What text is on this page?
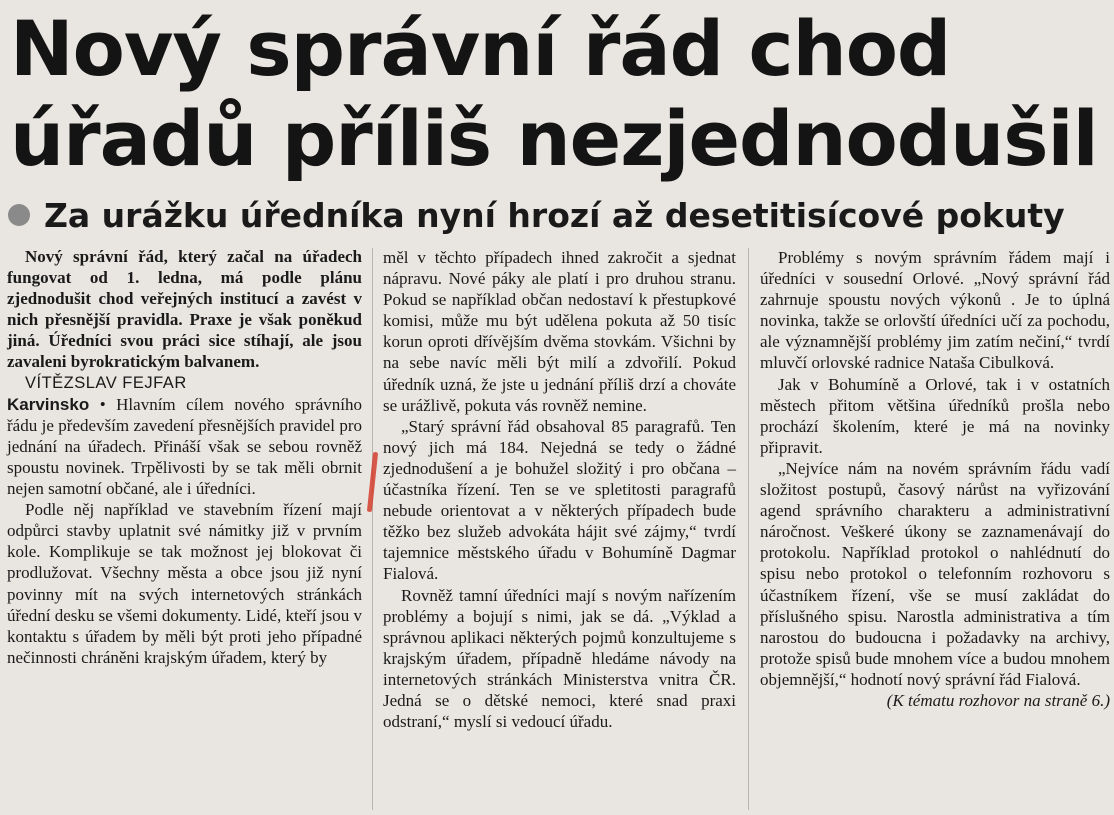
Nový správní řád chod
úřadů příliš nezjednodušil
Za urážku úředníka nyní hrozí až desetitisícové pokuty

Nový správní řád, který začal na úřadech fungovat od 1. ledna, má podle plánu zjednodušit chod veřejných institucí a zavést v nich přesnější pravidla. Praxe je však poněkud jiná. Úředníci svou práci sice stíhají, ale jsou zavaleni byrokratickým balvanem.

VÍTĚZSLAV FEJFAR

Karvinsko • Hlavním cílem nového správního řádu je především zavedení přesnějších pravidel pro jednání na úřadech. Přináší však se sebou rovněž spoustu novinek. Trpělivosti by se tak měli obrnit nejen samotní občané, ale i úředníci.

Podle něj například ve stavebním řízení mají odpůrci stavby uplatnit své námitky již v prvním kole. Komplikuje se tak možnost jej blokovat či prodlužovat. Všechny města a obce jsou již nyní povinny mít na svých internetových stránkách úřední desku se všemi dokumenty. Lidé, kteří jsou v kontaktu s úřadem by měli být proti jeho případné nečinnosti chráněni krajským úřadem, který by

měl v těchto případech ihned zakročit a sjednat nápravu. Nové páky ale platí i pro druhou stranu. Pokud se například občan nedostaví k přestupkové komisi, může mu být udělena pokuta až 50 tisíc korun oproti dřívějším dvěma stovkám. Všichni by na sebe navíc měli být milí a zdvořilí. Pokud úředník uzná, že jste u jednání příliš drzí a chováte se urážlivě, pokuta vás rovněž nemine.

„Starý správní řád obsahoval 85 paragrafů. Ten nový jich má 184. Nejedná se tedy o žádné zjednodušení a je bohužel složitý i pro občana – účastníka řízení. Ten se ve spletitosti paragrafů nebude orientovat a v některých případech bude těžko bez služeb advokáta hájit své zájmy,“ tvrdí tajemnice městského úřadu v Bohumíně Dagmar Fialová.

Rovněž tamní úředníci mají s novým nařízením problémy a bojují s nimi, jak se dá. „Výklad a správnou aplikaci některých pojmů konzultujeme s krajským úřadem, případně hledáme návody na internetových stránkách Ministerstva vnitra ČR. Jedná se o dětské nemoci, které snad praxi odstraní,“ myslí si vedoucí úřadu.

Problémy s novým správním řádem mají i úředníci v sousední Orlové. „Nový správní řád zahrnuje spoustu nových výkonů . Je to úplná novinka, takže se orlovští úředníci učí za pochodu, ale významnější problémy jim zatím nečiní,“ tvrdí mluvčí orlovské radnice Nataša Cibulková.

Jak v Bohumíně a Orlové, tak i v ostatních městech přitom většina úředníků prošla nebo prochází školením, které je má na novinky připravit.

„Nejvíce nám na novém správním řádu vadí složitost postupů, časový nárůst na vyřizování agend správního charakteru a administrativní náročnost. Veškeré úkony se zaznamenávají do protokolu. Například protokol o nahlédnutí do spisu nebo protokol o telefonním rozhovoru s účastníkem řízení, vše se musí zakládat do příslušného spisu. Narostla administrativa a tím narostou do budoucna i požadavky na archivy, protože spisů bude mnohem více a budou mnohem objemnější,“ hodnotí nový správní řád Fialová.

(K tématu rozhovor na straně 6.)
